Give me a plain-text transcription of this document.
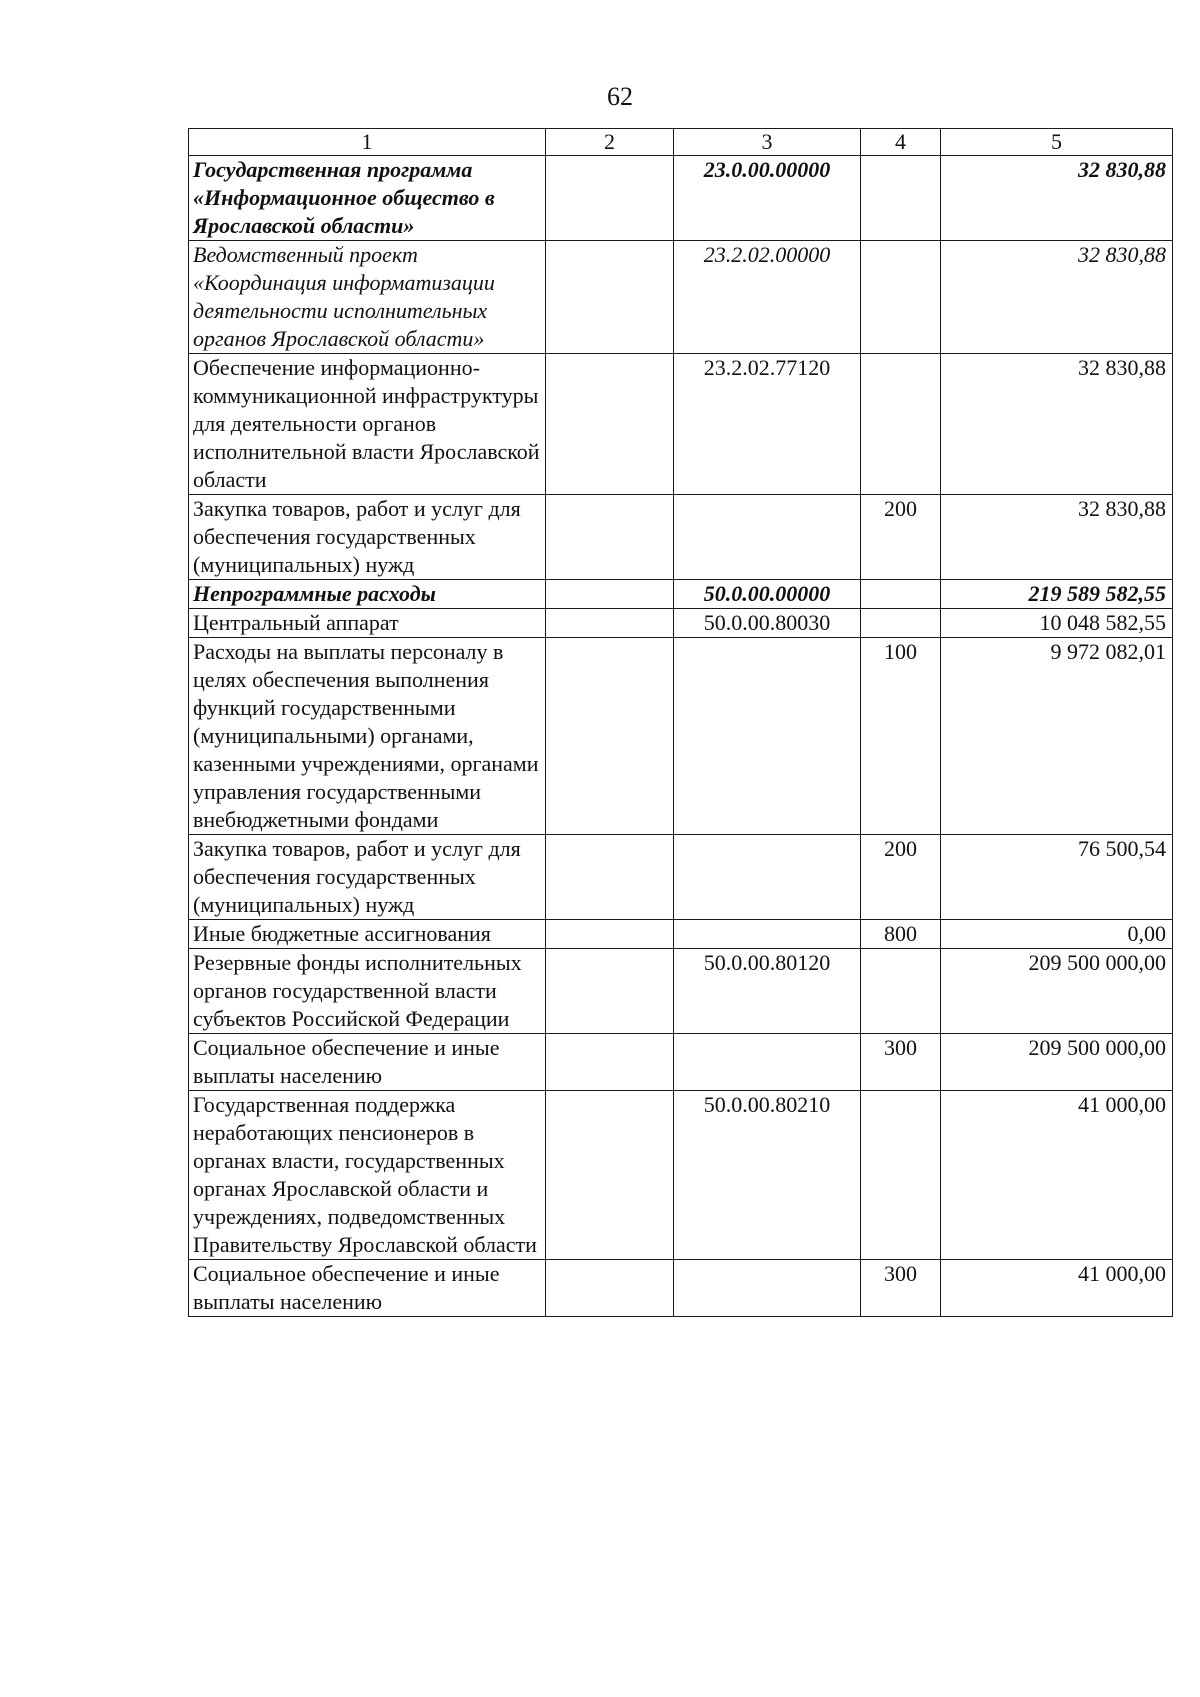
62
1	2	3	4	5
Государственная программа «Информационное общество в Ярославской области»		23.0.00.00000		32 830,88
Ведомственный проект «Координация информатизации деятельности исполнительных органов Ярославской области»		23.2.02.00000		32 830,88
Обеспечение информационно-коммуникационной инфраструктуры для деятельности органов исполнительной власти Ярославской области		23.2.02.77120		32 830,88
Закупка товаров, работ и услуг для обеспечения государственных (муниципальных) нужд			200	32 830,88
Непрограммные расходы		50.0.00.00000		219 589 582,55
Центральный аппарат		50.0.00.80030		10 048 582,55
Расходы на выплаты персоналу в целях обеспечения выполнения функций государственными (муниципальными) органами, казенными учреждениями, органами управления государственными внебюджетными фондами			100	9 972 082,01
Закупка товаров, работ и услуг для обеспечения государственных (муниципальных) нужд			200	76 500,54
Иные бюджетные ассигнования			800	0,00
Резервные фонды исполнительных органов государственной власти субъектов Российской Федерации		50.0.00.80120		209 500 000,00
Социальное обеспечение и иные выплаты населению			300	209 500 000,00
Государственная поддержка неработающих пенсионеров в органах власти, государственных органах Ярославской области и учреждениях, подведомственных Правительству Ярославской области		50.0.00.80210		41 000,00
Социальное обеспечение и иные выплаты населению			300	41 000,00
